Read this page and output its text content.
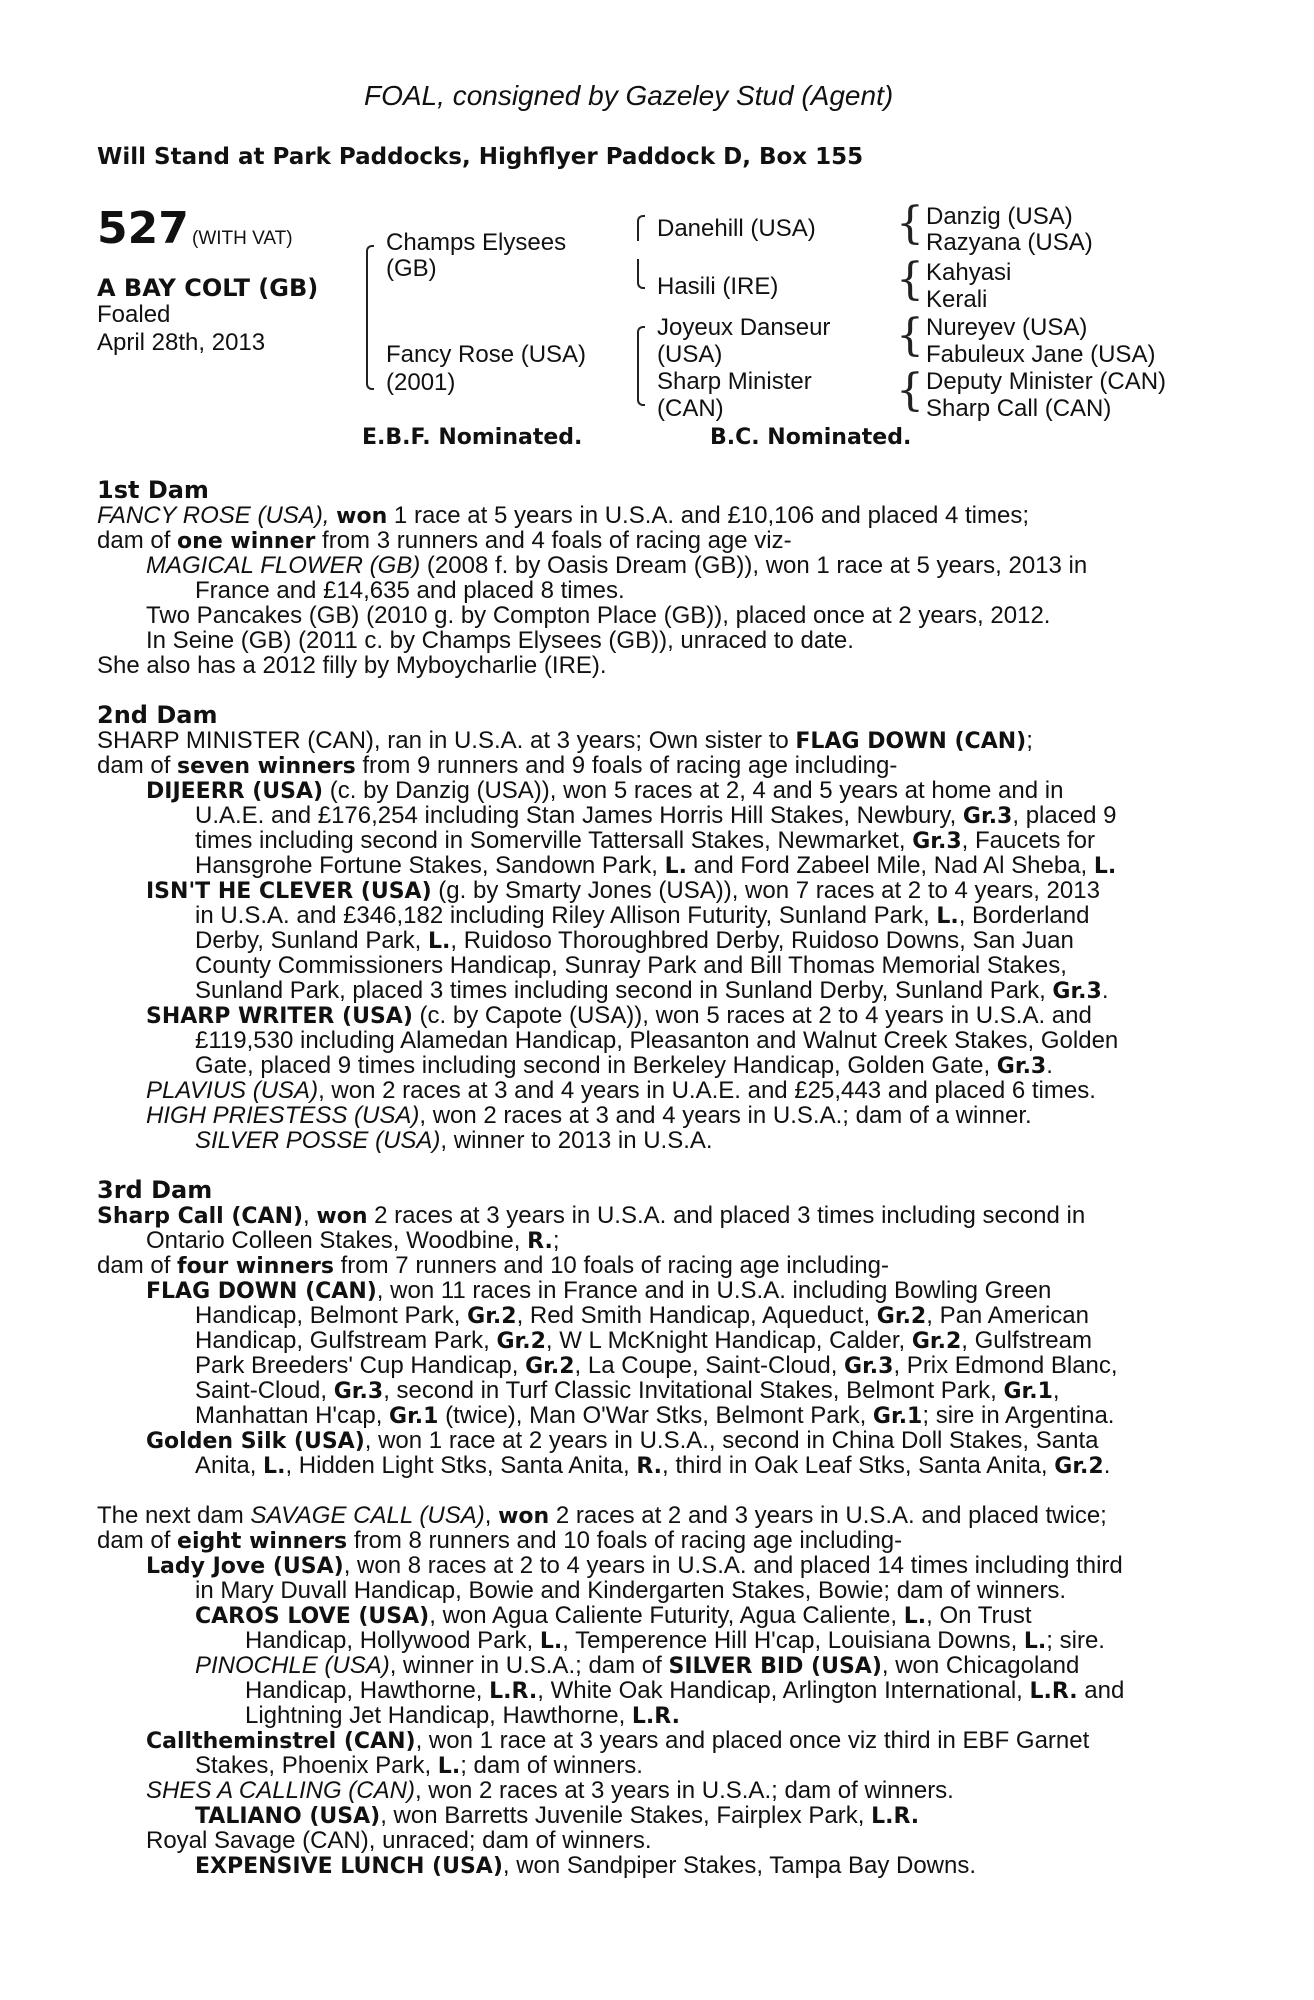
FOAL, consigned by Gazeley Stud (Agent)
Will Stand at Park Paddocks, Highflyer Paddock D, Box 155
527 (WITH VAT)
A BAY COLT (GB)
Foaled
April 28th, 2013
Champs Elysees
(GB)
Fancy Rose (USA)
(2001)
Danehill (USA)
Hasili (IRE)
Joyeux Danseur
(USA)
Sharp Minister
(CAN)
{
{
{
{
Danzig (USA)
Razyana (USA)
Kahyasi
Kerali
Nureyev (USA)
Fabuleux Jane (USA)
Deputy Minister (CAN)
Sharp Call (CAN)
E.B.F. Nominated.	B.C. Nominated.
1st Dam
FANCY ROSE (USA), won 1 race at 5 years in U.S.A. and £10,106 and placed 4 times;
dam of one winner from 3 runners and 4 foals of racing age viz-
MAGICAL FLOWER (GB) (2008 f. by Oasis Dream (GB)), won 1 race at 5 years, 2013 in
France and £14,635 and placed 8 times.
Two Pancakes (GB) (2010 g. by Compton Place (GB)), placed once at 2 years, 2012.
In Seine (GB) (2011 c. by Champs Elysees (GB)), unraced to date.
She also has a 2012 filly by Myboycharlie (IRE).
2nd Dam
SHARP MINISTER (CAN), ran in U.S.A. at 3 years; Own sister to FLAG DOWN (CAN);
dam of seven winners from 9 runners and 9 foals of racing age including-
DIJEERR (USA) (c. by Danzig (USA)), won 5 races at 2, 4 and 5 years at home and in
U.A.E. and £176,254 including Stan James Horris Hill Stakes, Newbury, Gr.3, placed 9
times including second in Somerville Tattersall Stakes, Newmarket, Gr.3, Faucets for
Hansgrohe Fortune Stakes, Sandown Park, L. and Ford Zabeel Mile, Nad Al Sheba, L.
ISN'T HE CLEVER (USA) (g. by Smarty Jones (USA)), won 7 races at 2 to 4 years, 2013
in U.S.A. and £346,182 including Riley Allison Futurity, Sunland Park, L., Borderland
Derby, Sunland Park, L., Ruidoso Thoroughbred Derby, Ruidoso Downs, San Juan
County Commissioners Handicap, Sunray Park and Bill Thomas Memorial Stakes,
Sunland Park, placed 3 times including second in Sunland Derby, Sunland Park, Gr.3.
SHARP WRITER (USA) (c. by Capote (USA)), won 5 races at 2 to 4 years in U.S.A. and
£119,530 including Alamedan Handicap, Pleasanton and Walnut Creek Stakes, Golden
Gate, placed 9 times including second in Berkeley Handicap, Golden Gate, Gr.3.
PLAVIUS (USA), won 2 races at 3 and 4 years in U.A.E. and £25,443 and placed 6 times.
HIGH PRIESTESS (USA), won 2 races at 3 and 4 years in U.S.A.; dam of a winner.
SILVER POSSE (USA), winner to 2013 in U.S.A.
3rd Dam
Sharp Call (CAN), won 2 races at 3 years in U.S.A. and placed 3 times including second in
Ontario Colleen Stakes, Woodbine, R.;
dam of four winners from 7 runners and 10 foals of racing age including-
FLAG DOWN (CAN), won 11 races in France and in U.S.A. including Bowling Green
Handicap, Belmont Park, Gr.2, Red Smith Handicap, Aqueduct, Gr.2, Pan American
Handicap, Gulfstream Park, Gr.2, W L McKnight Handicap, Calder, Gr.2, Gulfstream
Park Breeders' Cup Handicap, Gr.2, La Coupe, Saint-Cloud, Gr.3, Prix Edmond Blanc,
Saint-Cloud, Gr.3, second in Turf Classic Invitational Stakes, Belmont Park, Gr.1,
Manhattan H'cap, Gr.1 (twice), Man O'War Stks, Belmont Park, Gr.1; sire in Argentina.
Golden Silk (USA), won 1 race at 2 years in U.S.A., second in China Doll Stakes, Santa
Anita, L., Hidden Light Stks, Santa Anita, R., third in Oak Leaf Stks, Santa Anita, Gr.2.
The next dam SAVAGE CALL (USA), won 2 races at 2 and 3 years in U.S.A. and placed twice;
dam of eight winners from 8 runners and 10 foals of racing age including-
Lady Jove (USA), won 8 races at 2 to 4 years in U.S.A. and placed 14 times including third
in Mary Duvall Handicap, Bowie and Kindergarten Stakes, Bowie; dam of winners.
CAROS LOVE (USA), won Agua Caliente Futurity, Agua Caliente, L., On Trust
Handicap, Hollywood Park, L., Temperence Hill H'cap, Louisiana Downs, L.; sire.
PINOCHLE (USA), winner in U.S.A.; dam of SILVER BID (USA), won Chicagoland
Handicap, Hawthorne, L.R., White Oak Handicap, Arlington International, L.R. and
Lightning Jet Handicap, Hawthorne, L.R.
Calltheminstrel (CAN), won 1 race at 3 years and placed once viz third in EBF Garnet
Stakes, Phoenix Park, L.; dam of winners.
SHES A CALLING (CAN), won 2 races at 3 years in U.S.A.; dam of winners.
TALIANO (USA), won Barretts Juvenile Stakes, Fairplex Park, L.R.
Royal Savage (CAN), unraced; dam of winners.
EXPENSIVE LUNCH (USA), won Sandpiper Stakes, Tampa Bay Downs.
